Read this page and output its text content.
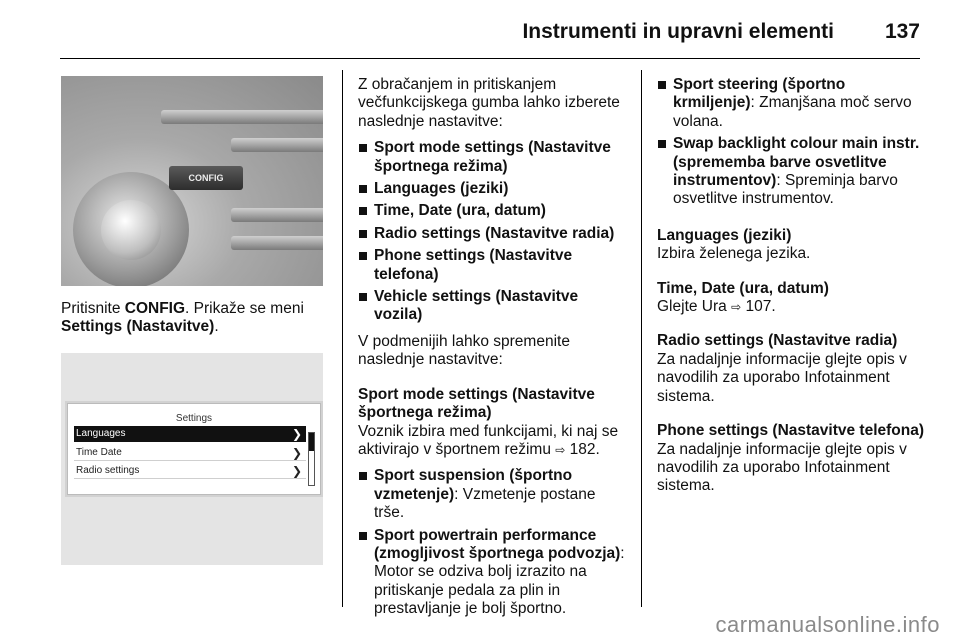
Instrumenti in upravni elementi 137
CONFIG

Pritisnite CONFIG. Prikaže se meni Settings (Nastavitve).

Settings
Languages	❯
Time Date	❯
Radio settings	❯

Z obračanjem in pritiskanjem večfunkcijskega gumba lahko izberete naslednje nastavitve:

Sport mode settings (Nastavitve športnega režima)
Languages (jeziki)
Time, Date (ura, datum)
Radio settings (Nastavitve radia)
Phone settings (Nastavitve telefona)
Vehicle settings (Nastavitve vozila)

V podmenijih lahko spremenite naslednje nastavitve:

Sport mode settings (Nastavitve športnega režima)

Voznik izbira med funkcijami, ki naj se aktivirajo v športnem režimu ⇨ 182.

Sport suspension (športno vzmetenje): Vzmetenje postane trše.
Sport powertrain performance (zmogljivost športnega podvozja): Motor se odziva bolj izrazito na pritiskanje pedala za plin in prestavljanje je bolj športno.
Sport steering (športno krmiljenje): Zmanjšana moč servo volana.
Swap backlight colour main instr. (sprememba barve osvetlitve instrumentov): Spreminja barvo osvetlitve instrumentov.
Languages (jeziki)
Izbira želenega jezika.
Time, Date (ura, datum)
Glejte Ura ⇨ 107.
Radio settings (Nastavitve radia)
Za nadaljnje informacije glejte opis v navodilih za uporabo Infotainment sistema.
Phone settings (Nastavitve telefona)
Za nadaljnje informacije glejte opis v navodilih za uporabo Infotainment sistema.
carmanualsonline.info
